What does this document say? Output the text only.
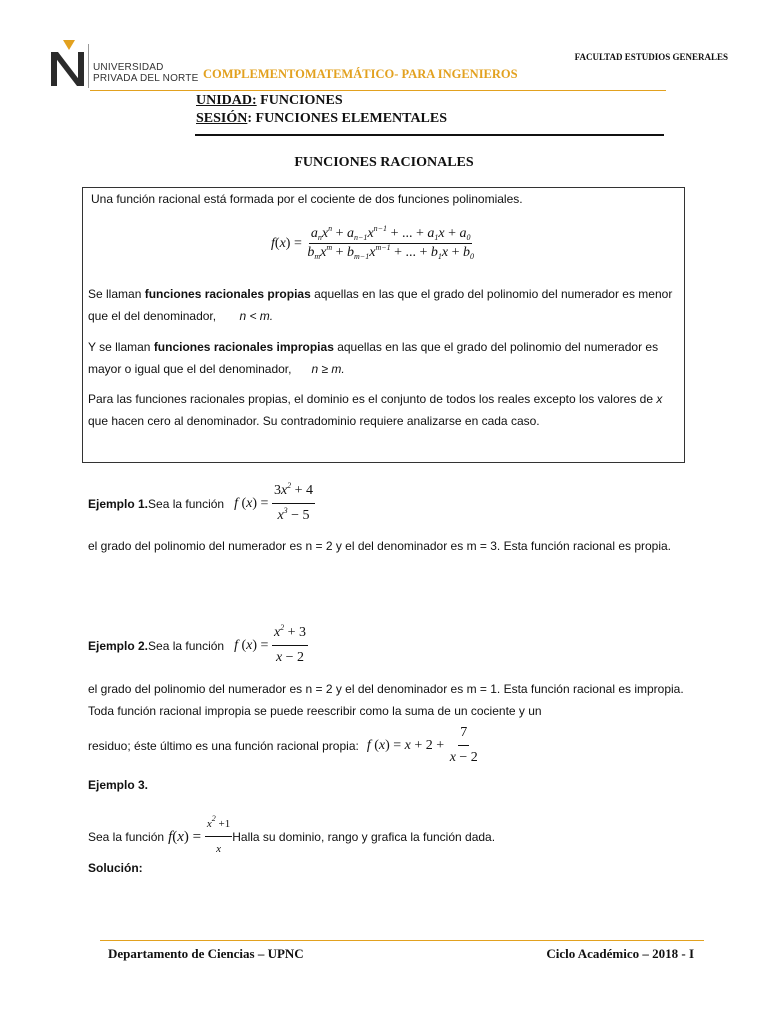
UNIVERSIDAD
PRIVADA DEL NORTE
FACULTAD ESTUDIOS GENERALES
COMPLEMENTOMATEMÁTICO- PARA INGENIEROS
UNIDAD: FUNCIONES
SESIÓN: FUNCIONES ELEMENTALES
FUNCIONES RACIONALES
Una función racional está formada por el cociente de dos funciones polinomiales.
$f(x) = \frac{a_nx^n + a_{n-1}x^{n-1} + ... + a_1x + a_0}{b_mx^m + b_{m-1}x^{m-1} + ... + b_1x + b_0}$
Se llaman funciones racionales propias aquellas en las que el grado del polinomio del numerador es menor que el del denominador, n < m.
Y se llaman funciones racionales impropias aquellas en las que el grado del polinomio del numerador es mayor o igual que el del denominador, n ≥ m.
Para las funciones racionales propias, el dominio es el conjunto de todos los reales excepto los valores de x que hacen cero al denominador. Su contradominio requiere analizarse en cada caso.
Ejemplo 1. Sea la función f ( x ) = $\frac{3x^2 + 4}{x^3 - 5}$
el grado del polinomio del numerador es n = 2 y el del denominador es m = 3. Esta función racional es propia.
Ejemplo 2. Sea la función f ( x ) = $\frac{x^2 + 3}{x - 2}$
el grado del polinomio del numerador es n = 2 y el del denominador es m = 1. Esta función racional es impropia. Toda función racional impropia se puede reescribir como la suma de un cociente y un
residuo; éste último es una función racional propia: f ( x ) = $x + 2 + \frac{7}{x - 2}$
Ejemplo 3.
Sea la función f ( x ) = $\frac{x^2 +1}{x}$ Halla su dominio, rango y grafica la función dada.
Solución:
Departamento de Ciencias – UPNC	Ciclo Académico – 2018 - I
